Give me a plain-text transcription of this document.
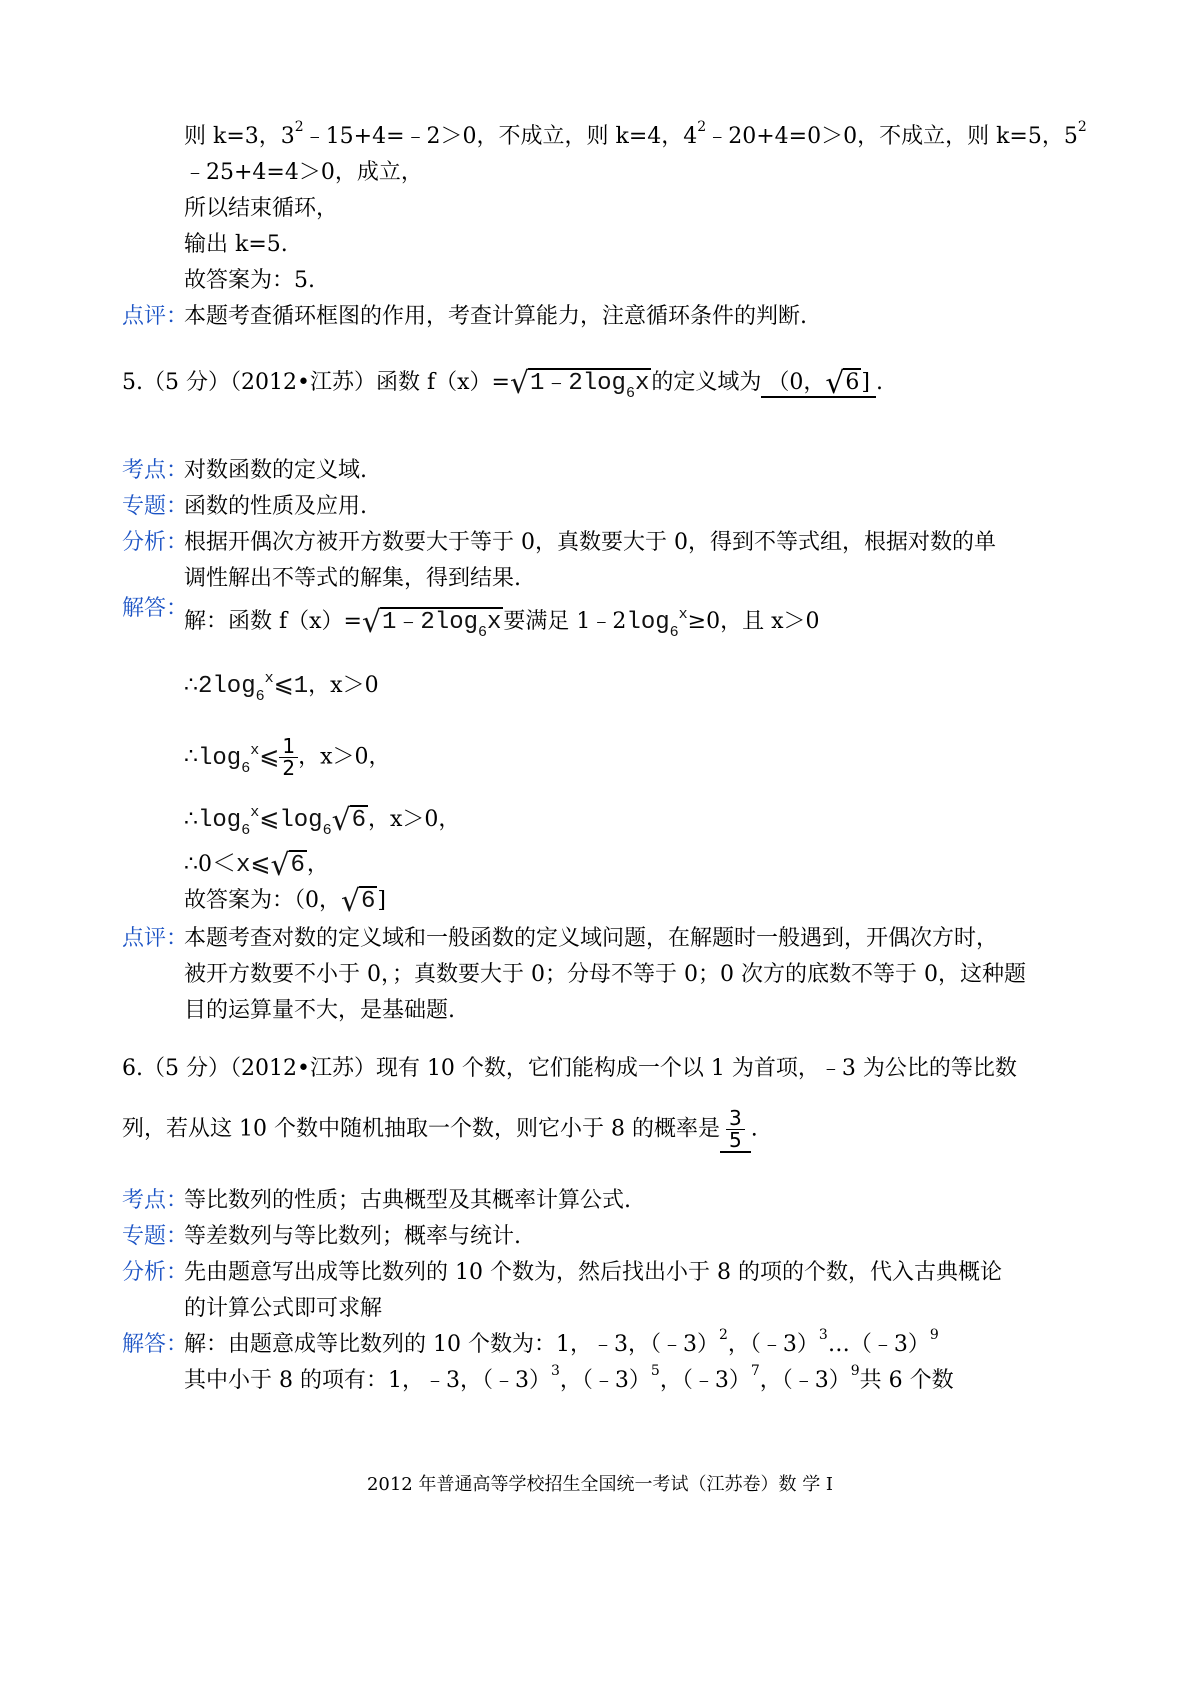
则 k=3，$3^2﹣15+4=﹣2>0$，不成立，则 k=4，$4^2﹣20+4=0>0$，不成立，则 k=5，$5^2$
﹣25+4=4＞0，成立，
所以结束循环，
输出 k=5.
故答案为：5.
点评：
本题考查循环框图的作用，考查计算能力，注意循环条件的判断.
5.（5 分）（2012•江苏）函数 f（x）=√ $1﹣2\log_6x$的定义域为 （0，√ 6] .
考点：
对数函数的定义域.
专题：
函数的性质及应用.
分析：
根据开偶次方被开方数要大于等于 0，真数要大于 0，得到不等式组，根据对数的单
调性解出不等式的解集，得到结果.
解答：
解：函数 f（x）=√ $1﹣2\log_6x$要满足 $1﹣2\log_6^x\ge 0$，且 x＞0
$\therefore 2\log_6^x⩽1$，x＞0
$\therefore\log_6^x⩽ \frac{1}{2}$ ，x＞0，
$\therefore\log_6^x⩽\log_6√$ 6，x＞0，
∴0＜x⩽√ 6，
故答案为：（0，√ 6]
点评：
本题考查对数的定义域和一般函数的定义域问题，在解题时一般遇到，开偶次方时，
被开方数要不小于 0，；真数要大于 0；分母不等于 0；0 次方的底数不等于 0，这种题
目的运算量不大，是基础题.
6.（5 分）（2012•江苏）现有 10 个数，它们能构成一个以 1 为首项，﹣3 为公比的等比数
列，若从这 10 个数中随机抽取一个数，则它小于 8 的概率是 $\frac{3}{5}$ .
考点：
等比数列的性质；古典概型及其概率计算公式.
专题：
等差数列与等比数列；概率与统计.
分析：
先由题意写出成等比数列的 10 个数为，然后找出小于 8 的项的个数，代入古典概论
的计算公式即可求解
解答：
解：由题意成等比数列的 10 个数为：1，﹣3，（﹣3）$^2$，（﹣3）$^3$…（﹣3）$^9$
其中小于 8 的项有：1，﹣3，（﹣3）$^3$，（﹣3）$^5$，（﹣3）$^7$，（﹣3）$^9$共 6 个数
2012 年普通高等学校招生全国统一考试（江苏卷）数 学 Ⅰ
